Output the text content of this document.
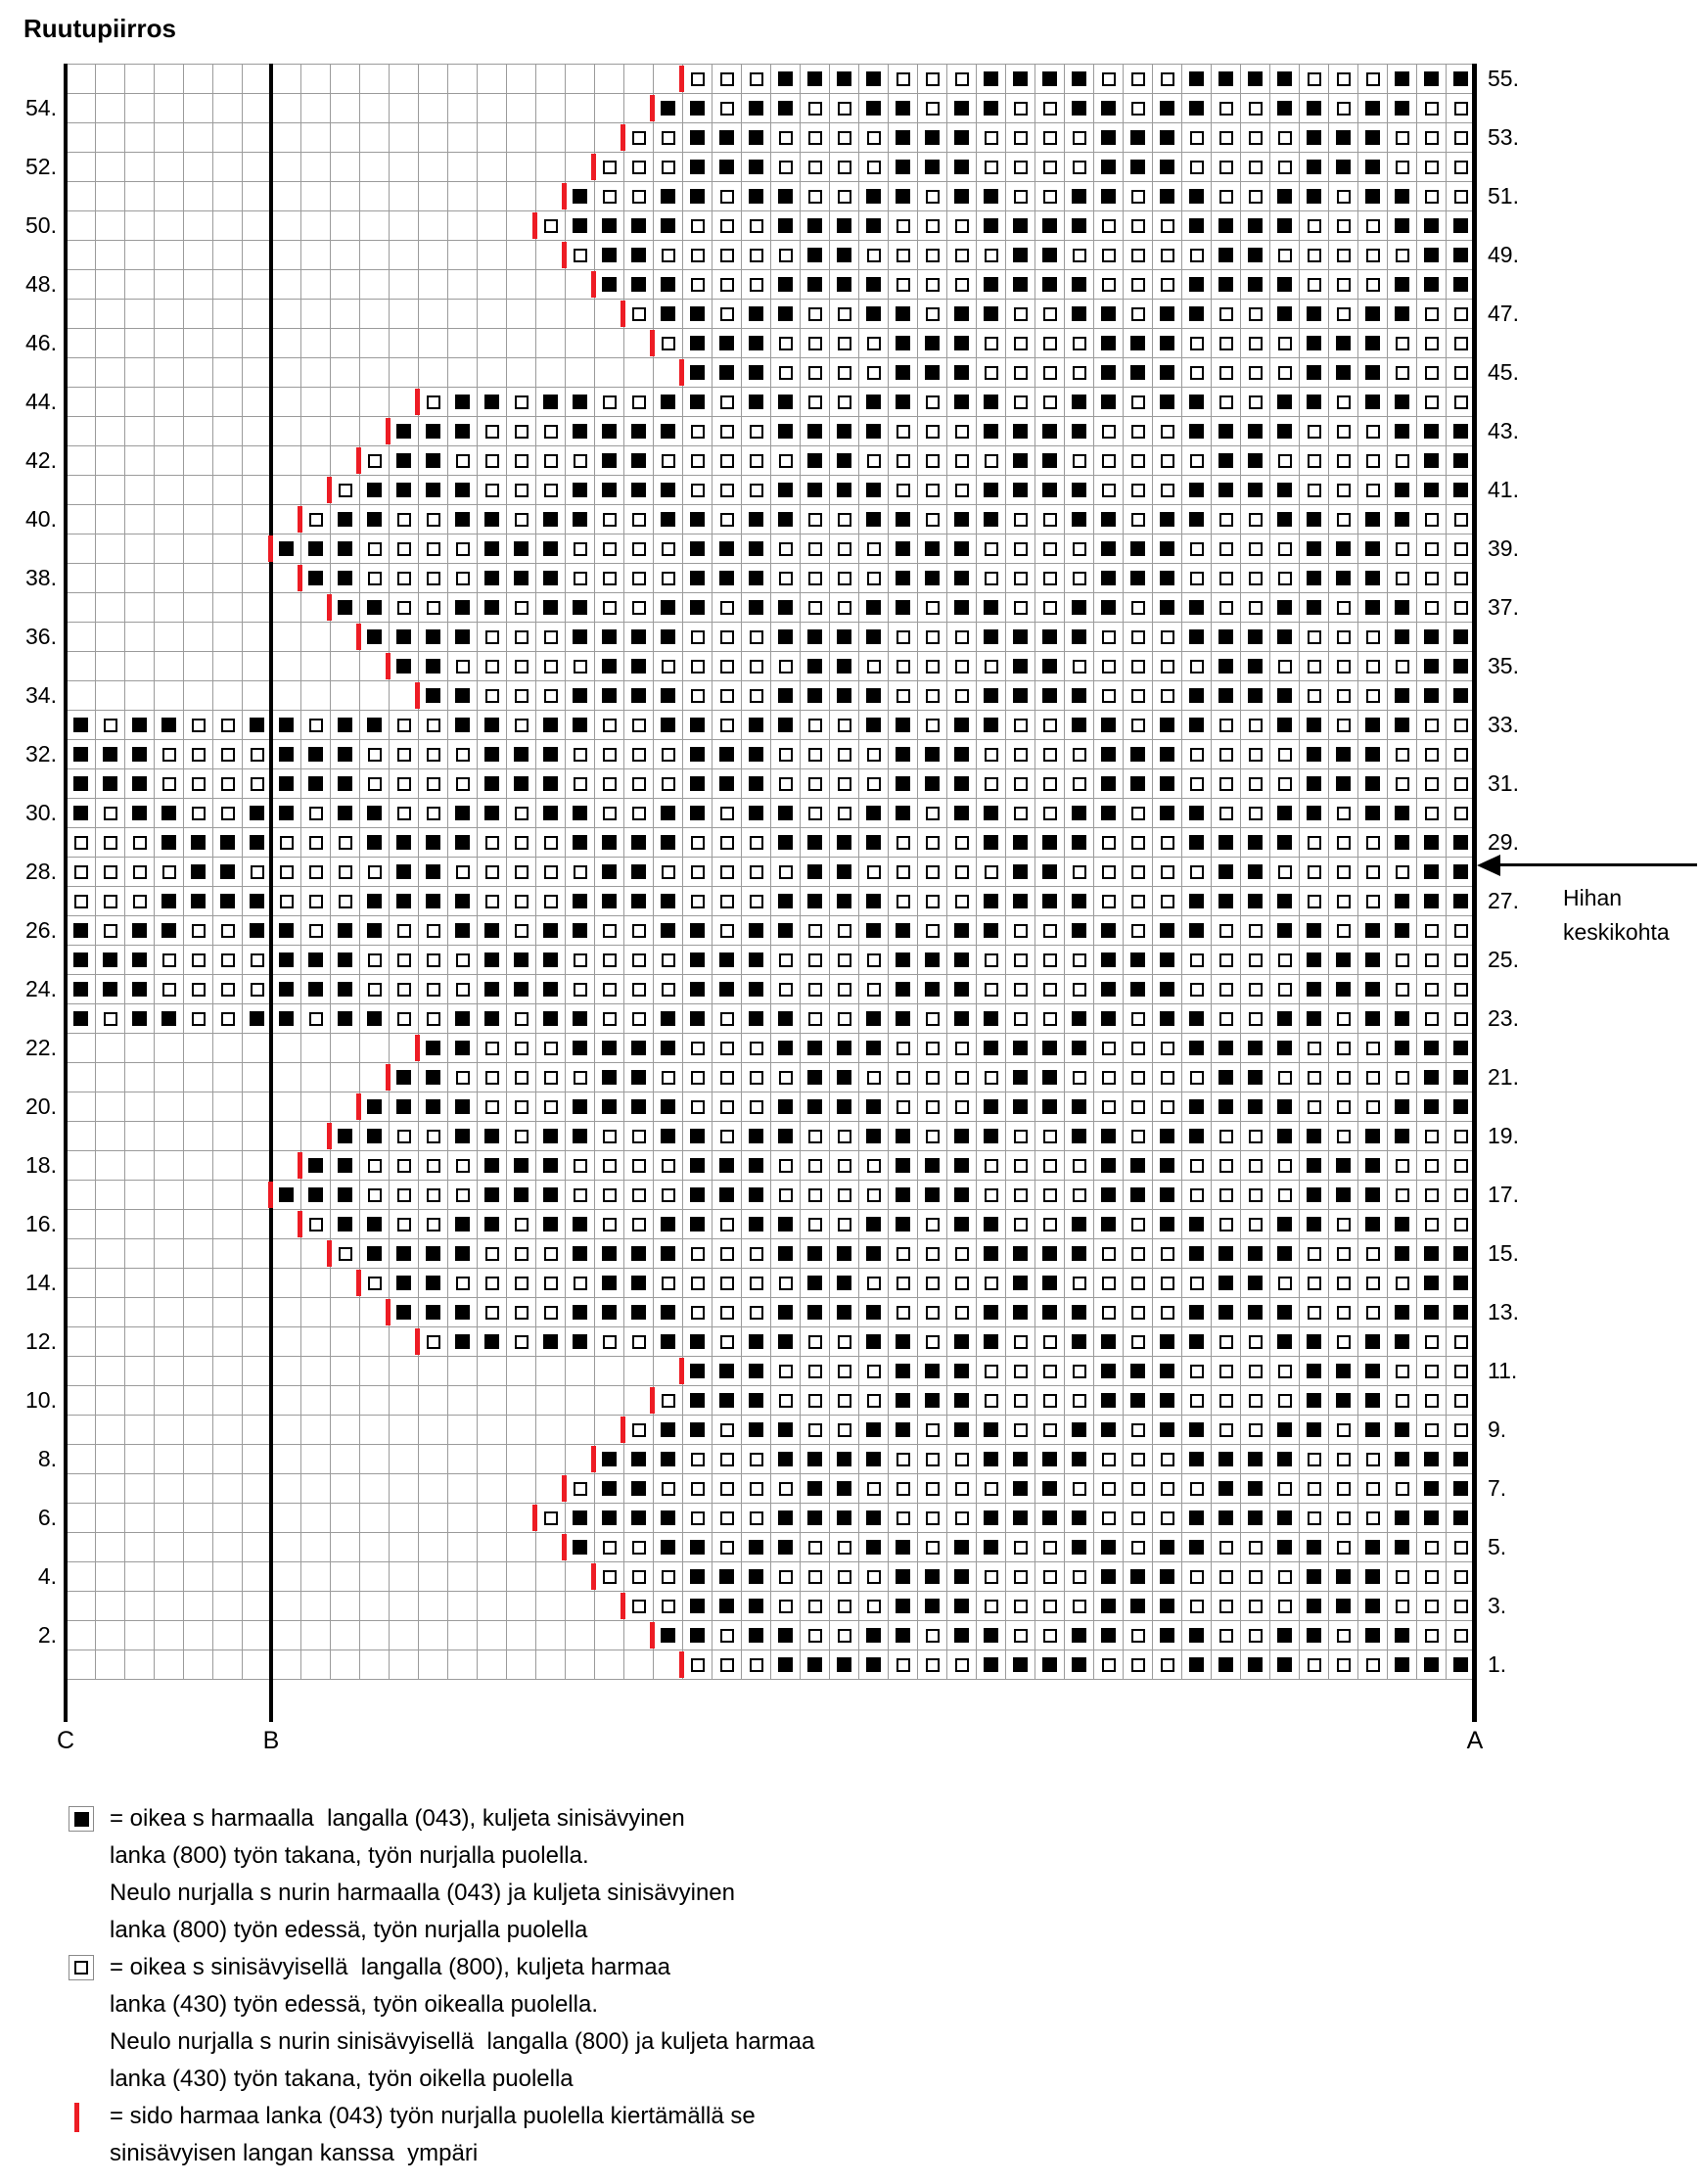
Ruutupiirros
C	B	A
Hihan
keskikohta
55.
53.
51.
49.
47.
45.
43.
41.
39.
37.
35.
33.
31.
29.
27.
25.
23.
21.
19.
17.
15.
13.
11.
9.
7.
5.
3.
1.
54.
52.
50.
48.
46.
44.
42.
40.
38.
36.
34.
32.
30.
28.
26.
24.
22.
20.
18.
16.
14.
12.
10.
8.
6.
4.
2.
= oikea s harmaalla  langalla (043), kuljeta sinisävyinen
lanka (800) työn takana, työn nurjalla puolella.
Neulo nurjalla s nurin harmaalla (043) ja kuljeta sinisävyinen
lanka (800) työn edessä, työn nurjalla puolella
= oikea s sinisävyisellä  langalla (800), kuljeta harmaa
lanka (430) työn edessä, työn oikealla puolella.
Neulo nurjalla s nurin sinisävyisellä  langalla (800) ja kuljeta harmaa
lanka (430) työn takana, työn oikella puolella
= sido harmaa lanka (043) työn nurjalla puolella kiertämällä se
sinisävyisen langan kanssa  ympäri
